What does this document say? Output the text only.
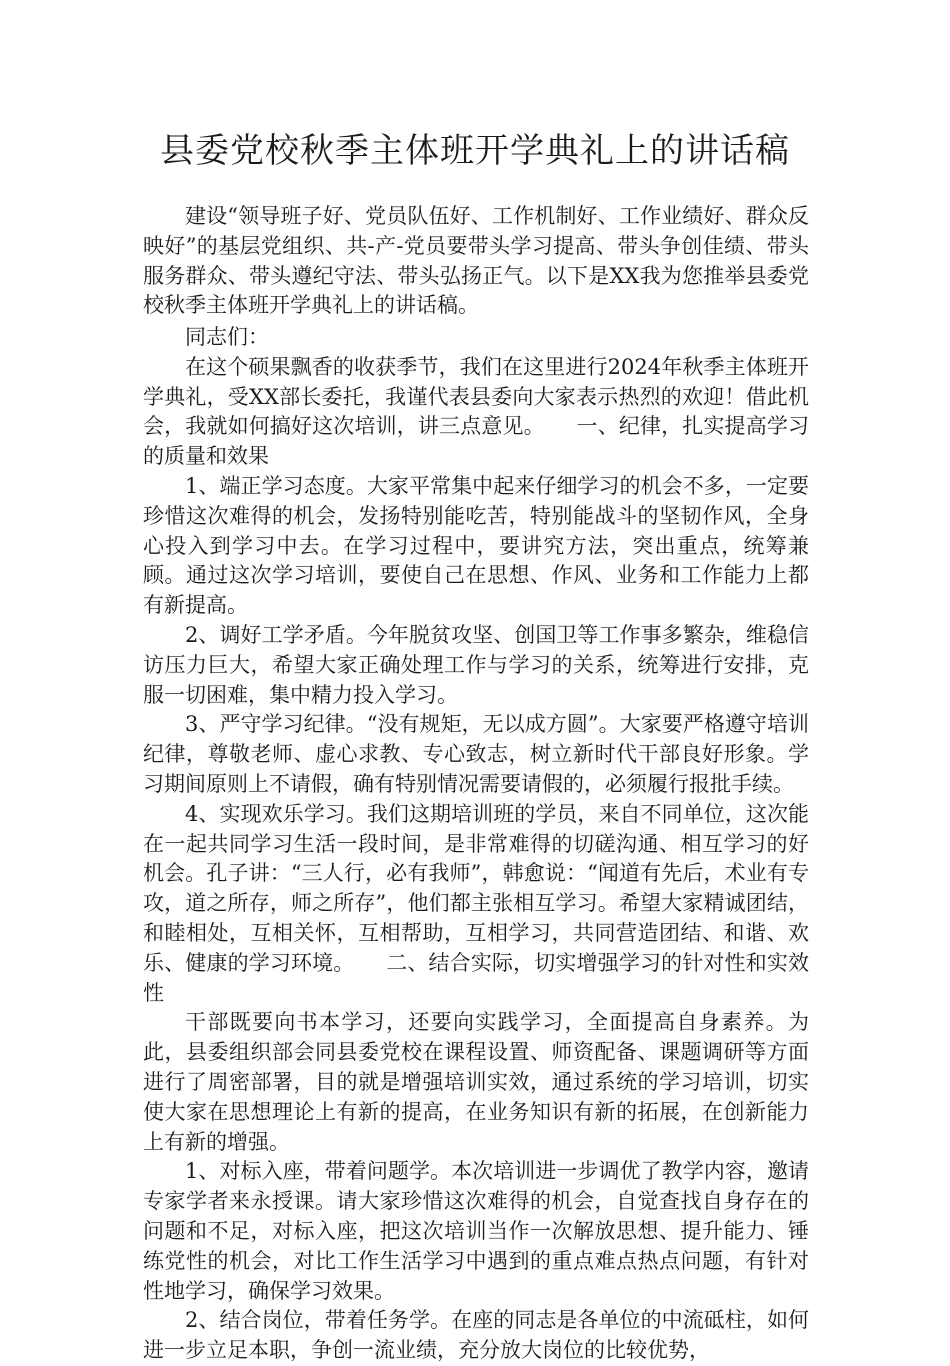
县委党校秋季主体班开学典礼上的讲话稿

建设“领导班子好、党员队伍好、工作机制好、工作业绩好、群众反映好”的基层党组织、共-产-党员要带头学习提高、带头争创佳绩、带头服务群众、带头遵纪守法、带头弘扬正气。以下是XX我为您推举县委党校秋季主体班开学典礼上的讲话稿。

同志们：

在这个硕果飘香的收获季节，我们在这里进行2024年秋季主体班开学典礼，受XX部长委托，我谨代表县委向大家表示热烈的欢迎！借此机会，我就如何搞好这次培训，讲三点意见。　　一、纪律，扎实提高学习的质量和效果

1、端正学习态度。大家平常集中起来仔细学习的机会不多，一定要珍惜这次难得的机会，发扬特别能吃苦，特别能战斗的坚韧作风，全身心投入到学习中去。在学习过程中，要讲究方法，突出重点，统筹兼顾。通过这次学习培训，要使自己在思想、作风、业务和工作能力上都有新提高。

2、调好工学矛盾。今年脱贫攻坚、创国卫等工作事多繁杂，维稳信访压力巨大，希望大家正确处理工作与学习的关系，统筹进行安排，克服一切困难，集中精力投入学习。

3、严守学习纪律。“没有规矩，无以成方圆”。大家要严格遵守培训纪律，尊敬老师、虚心求教、专心致志，树立新时代干部良好形象。学习期间原则上不请假，确有特别情况需要请假的，必须履行报批手续。

4、实现欢乐学习。我们这期培训班的学员，来自不同单位，这次能在一起共同学习生活一段时间，是非常难得的切磋沟通、相互学习的好机会。孔子讲：“三人行，必有我师”，韩愈说：“闻道有先后，术业有专攻，道之所存，师之所存”，他们都主张相互学习。希望大家精诚团结，和睦相处，互相关怀，互相帮助，互相学习，共同营造团结、和谐、欢乐、健康的学习环境。　　二、结合实际，切实增强学习的针对性和实效性

干部既要向书本学习，还要向实践学习，全面提高自身素养。为此，县委组织部会同县委党校在课程设置、师资配备、课题调研等方面进行了周密部署，目的就是增强培训实效，通过系统的学习培训，切实使大家在思想理论上有新的提高，在业务知识有新的拓展，在创新能力上有新的增强。

1、对标入座，带着问题学。本次培训进一步调优了教学内容，邀请专家学者来永授课。请大家珍惜这次难得的机会，自觉查找自身存在的问题和不足，对标入座，把这次培训当作一次解放思想、提升能力、锤练党性的机会，对比工作生活学习中遇到的重点难点热点问题，有针对性地学习，确保学习效果。

2、结合岗位，带着任务学。在座的同志是各单位的中流砥柱，如何进一步立足本职，争创一流业绩，充分放大岗位的比较优势，
